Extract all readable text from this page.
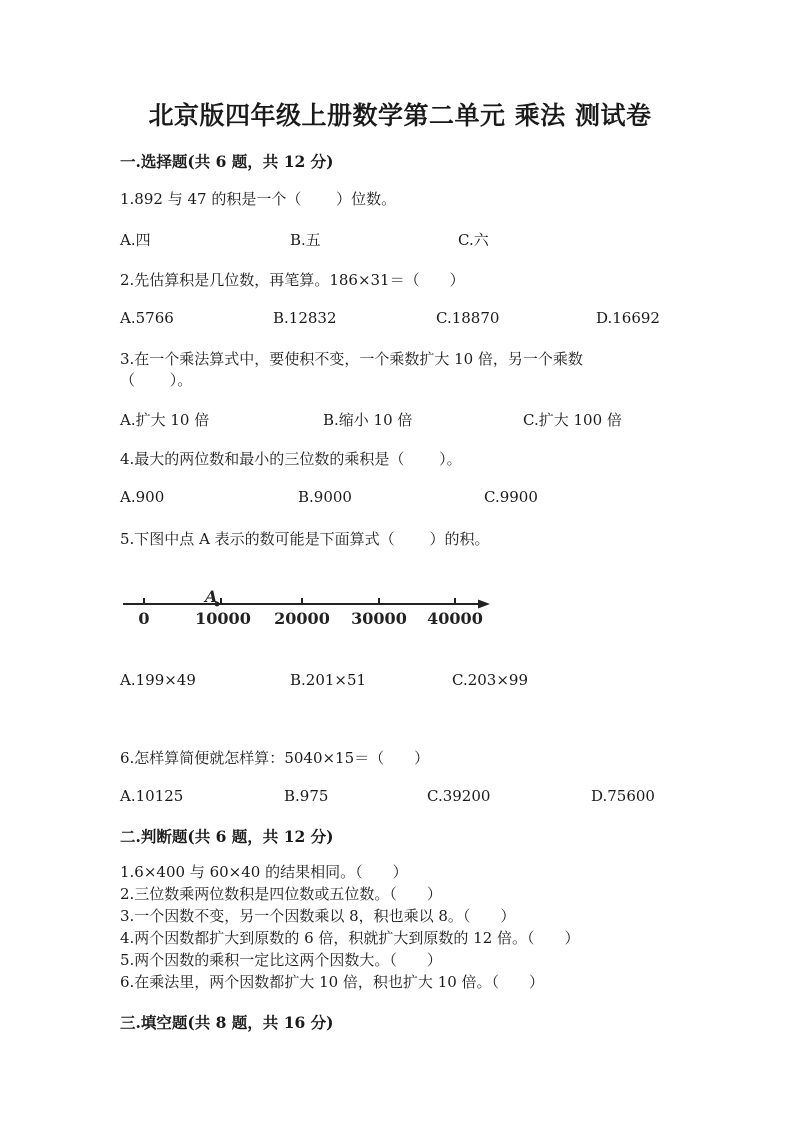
北京版四年级上册数学第二单元 乘法 测试卷
一.选择题(共 6 题，共 12 分)
1.892 与 47 的积是一个（　　 ）位数。
A.四	B.五	C.六
2.先估算积是几位数，再笔算。186×31＝（　　）
A.5766	B.12832	C.18870	D.16692
3.在一个乘法算式中，要使积不变，一个乘数扩大 10 倍，另一个乘数
（　　 ）。
A.扩大 10 倍	B.缩小 10 倍	C.扩大 100 倍
4.最大的两位数和最小的三位数的乘积是（　　 ）。
A.900	B.9000	C.9900
5.下图中点 A 表示的数可能是下面算式（　　 ）的积。
A
0	10000 20000 30000 40000
A.199×49	B.201×51	C.203×99
6.怎样算简便就怎样算：5040×15＝（　　）
A.10125	B.975	C.39200	D.75600
二.判断题(共 6 题，共 12 分)
1.6×400 与 60×40 的结果相同。（　　）
2.三位数乘两位数积是四位数或五位数。（　　）
3.一个因数不变，另一个因数乘以 8，积也乘以 8。（　　）
4.两个因数都扩大到原数的 6 倍，积就扩大到原数的 12 倍。（　　）
5.两个因数的乘积一定比这两个因数大。（　　）
6.在乘法里，两个因数都扩大 10 倍，积也扩大 10 倍。（　　）
三.填空题(共 8 题，共 16 分)
